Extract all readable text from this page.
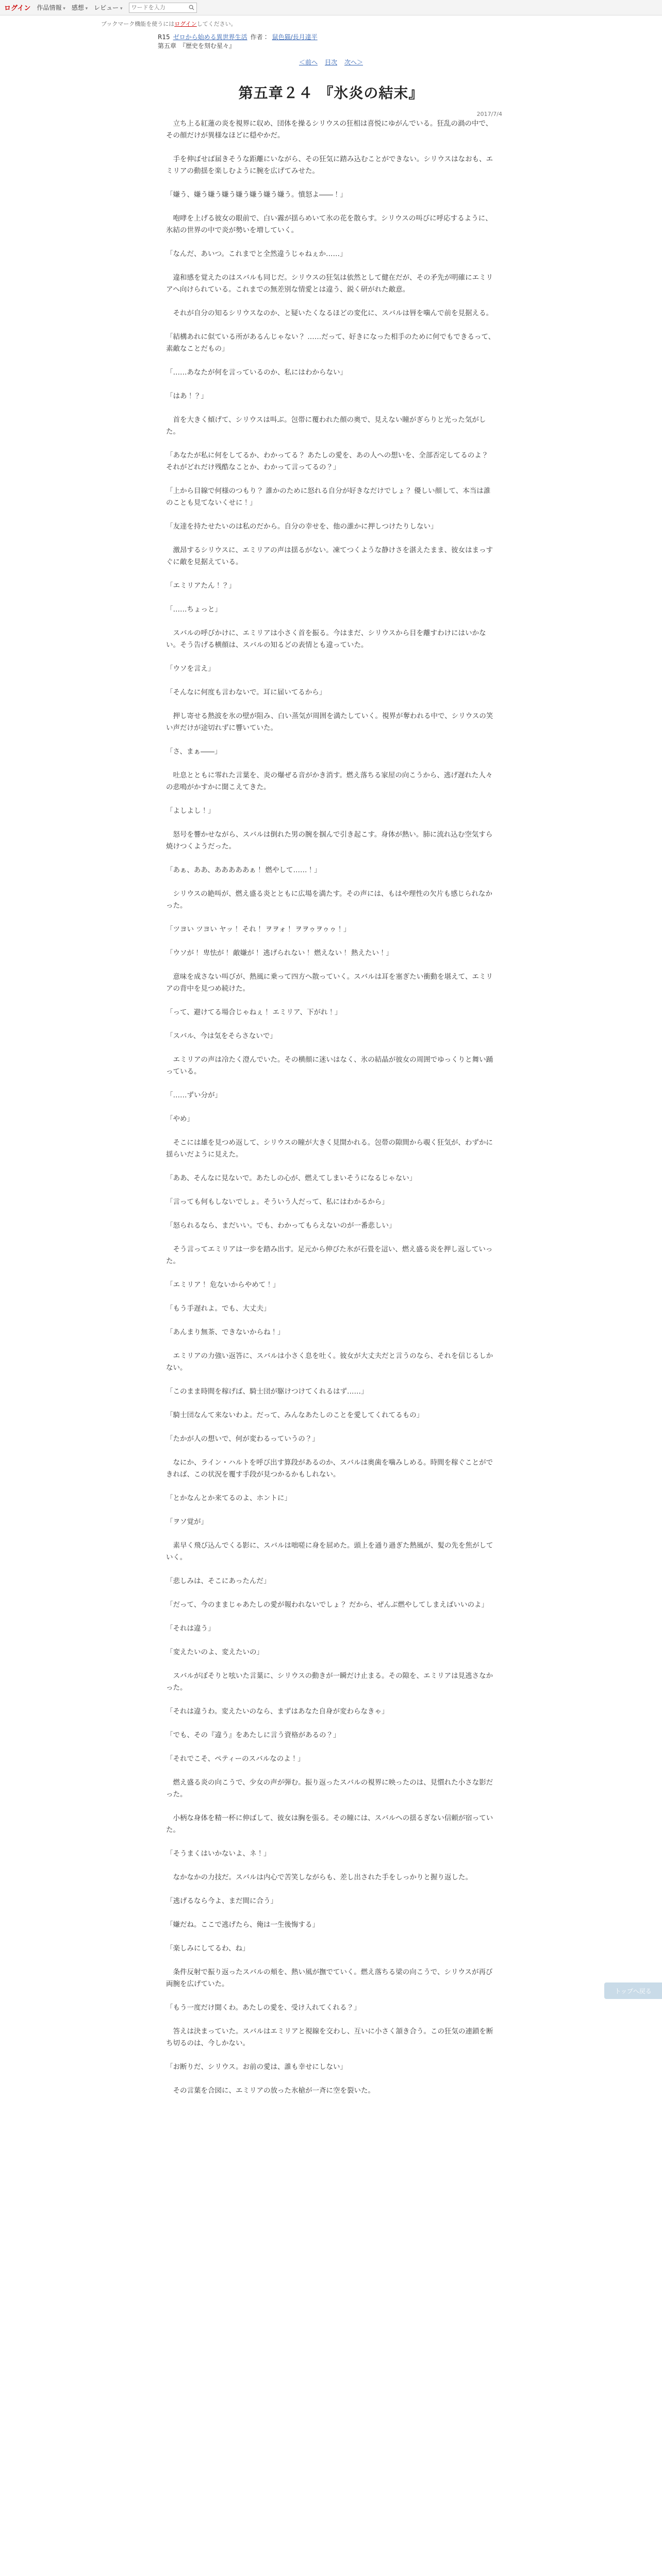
ログイン 作品情報 ▾	感想 ▾	レビュー ▾
ワードを入力
ブックマーク機能を使うにはログインしてください。
R15 ゼロから始める異世界生活 作者： 鼠色猫/長月達平
第五章 『歴史を刻む星々』
＜前へ 目次 次へ＞
2017/7/4
第五章２４ 『氷炎の結末』

立ち上る紅蓮の炎を視界に収め、団体を操るシリウスの狂相は喜悦にゆがんでいる。狂乱の渦の中で、その顔だけが異様なほどに穏やかだ。

手を伸ばせば届きそうな距離にいながら、その狂気に踏み込むことができない。シリウスはなおも、エミリアの動揺を楽しむように腕を広げてみせた。

「嫌う、嫌う嫌う嫌う嫌う嫌う嫌う嫌う。憤怒よ――！」

咆哮を上げる彼女の眼前で、白い霧が揺らめいて氷の花を散らす。シリウスの叫びに呼応するように、氷結の世界の中で炎が勢いを増していく。

「なんだ、あいつ。これまでと全然違うじゃねぇか……」

違和感を覚えたのはスバルも同じだ。シリウスの狂気は依然として健在だが、その矛先が明確にエミリアへ向けられている。これまでの無差別な情愛とは違う、鋭く研がれた敵意。

それが自分の知るシリウスなのか、と疑いたくなるほどの変化に、スバルは唇を噛んで前を見据える。

「結構あれに似ている所があるんじゃない？ ……だって、好きになった相手のために何でもできるって、素敵なことだもの」

「……あなたが何を言っているのか、私にはわからない」

「はあ！？」

首を大きく傾げて、シリウスは叫ぶ。包帯に覆われた顔の奥で、見えない瞳がぎらりと光った気がした。

「あなたが私に何をしてるか、わかってる？ あたしの愛を、あの人への想いを、全部否定してるのよ？ それがどれだけ残酷なことか、わかって言ってるの？」

「上から目線で何様のつもり？ 誰かのために怒れる自分が好きなだけでしょ？ 優しい顔して、本当は誰のことも見てないくせに！」

「友達を持たせたいのは私のだから。自分の幸せを、他の誰かに押しつけたりしない」

激昂するシリウスに、エミリアの声は揺るがない。凍てつくような静けさを湛えたまま、彼女はまっすぐに敵を見据えている。

「エミリアたん！？」

「……ちょっと」

スバルの呼びかけに、エミリアは小さく首を振る。今はまだ、シリウスから目を離すわけにはいかない。そう告げる横顔は、スバルの知るどの表情とも違っていた。

「ウソを言え」

「そんなに何度も言わないで。耳に届いてるから」

押し寄せる熱波を氷の壁が阻み、白い蒸気が周囲を満たしていく。視界が奪われる中で、シリウスの笑い声だけが途切れずに響いていた。

「さ、まぁ――」

吐息とともに零れた言葉を、炎の爆ぜる音がかき消す。燃え落ちる家屋の向こうから、逃げ遅れた人々の悲鳴がかすかに聞こえてきた。

「よしよし！」

怒号を響かせながら、スバルは倒れた男の腕を掴んで引き起こす。身体が熱い。肺に流れ込む空気すら焼けつくようだった。

「あぁ、ああ、あああああぁ！ 燃やして……！」

シリウスの絶叫が、燃え盛る炎とともに広場を満たす。その声には、もはや理性の欠片も感じられなかった。

「ツヨい ツヨい ヤッ！ それ！ ヲヲォ！ ヲヲゥヲゥゥ！」

「ウソが！ 卑怯が！ 敵嫌が！ 逃げられない！ 燃えない！ 熱えたい！」

意味を成さない叫びが、熱風に乗って四方へ散っていく。スバルは耳を塞ぎたい衝動を堪えて、エミリアの背中を見つめ続けた。

「って、避けてる場合じゃねぇ！ エミリア、下がれ！」

「スバル、今は気をそらさないで」

エミリアの声は冷たく澄んでいた。その横顔に迷いはなく、氷の結晶が彼女の周囲でゆっくりと舞い踊っている。

「……ずい分が」

「やめ」

そこには雄を見つめ返して、シリウスの瞳が大きく見開かれる。包帯の隙間から覗く狂気が、わずかに揺らいだように見えた。

「ああ、そんなに見ないで。あたしの心が、燃えてしまいそうになるじゃない」

「言っても何もしないでしょ。そういう人だって、私にはわかるから」

「怒られるなら、まだいい。でも、わかってもらえないのが一番悲しい」

そう言ってエミリアは一歩を踏み出す。足元から伸びた氷が石畳を這い、燃え盛る炎を押し返していった。

「エミリア！ 危ないからやめて！」

「もう手遅れよ。でも、大丈夫」

「あんまり無茶、できないからね！」

エミリアの力強い返答に、スバルは小さく息を吐く。彼女が大丈夫だと言うのなら、それを信じるしかない。

「このまま時間を稼げば、騎士団が駆けつけてくれるはず……」

「騎士団なんて来ないわよ。だって、みんなあたしのことを愛してくれてるもの」

「たかが人の想いで、何が変わるっていうの？」

なにか、ライン・ハルトを呼び出す算段があるのか、スバルは奥歯を噛みしめる。時間を稼ぐことができれば、この状況を覆す手段が見つかるかもしれない。

「とかなんとか来てるのよ、ホントに」

「ヲソ覚が」

素早く飛び込んでくる影に、スバルは咄嗟に身を屈めた。頭上を通り過ぎた熱風が、髪の先を焦がしていく。

「悲しみは、そこにあったんだ」

「だって、今のままじゃあたしの愛が報われないでしょ？ だから、ぜんぶ燃やしてしまえばいいのよ」

「それは違う」

「変えたいのよ、変えたいの」

スバルがぼそりと呟いた言葉に、シリウスの動きが一瞬だけ止まる。その隙を、エミリアは見逃さなかった。

「それは違うわ。変えたいのなら、まずはあなた自身が変わらなきゃ」

「でも、その『違う』をあたしに言う資格があるの？」

「それでこそ、ペティーのスバルなのよ！」

燃え盛る炎の向こうで、少女の声が弾む。振り返ったスバルの視界に映ったのは、見慣れた小さな影だった。

小柄な身体を精一杯に伸ばして、彼女は胸を張る。その瞳には、スバルへの揺るぎない信頼が宿っていた。

「そうまくはいかないよ、ネ！」

なかなかの力技だ。スバルは内心で苦笑しながらも、差し出された手をしっかりと握り返した。

「逃げるなら今よ、まだ間に合う」

「嫌だね。ここで逃げたら、俺は一生後悔する」

「楽しみにしてるわ、ね」

条件反射で振り返ったスバルの頬を、熱い風が撫でていく。燃え落ちる梁の向こうで、シリウスが再び両腕を広げていた。

「もう一度だけ聞くわ。あたしの愛を、受け入れてくれる？」

答えは決まっていた。スバルはエミリアと視線を交わし、互いに小さく頷き合う。この狂気の連鎖を断ち切るのは、今しかない。

「お断りだ、シリウス。お前の愛は、誰も幸せにしない」

その言葉を合図に、エミリアの放った氷槍が一斉に空を裂いた。

トップへ戻る
